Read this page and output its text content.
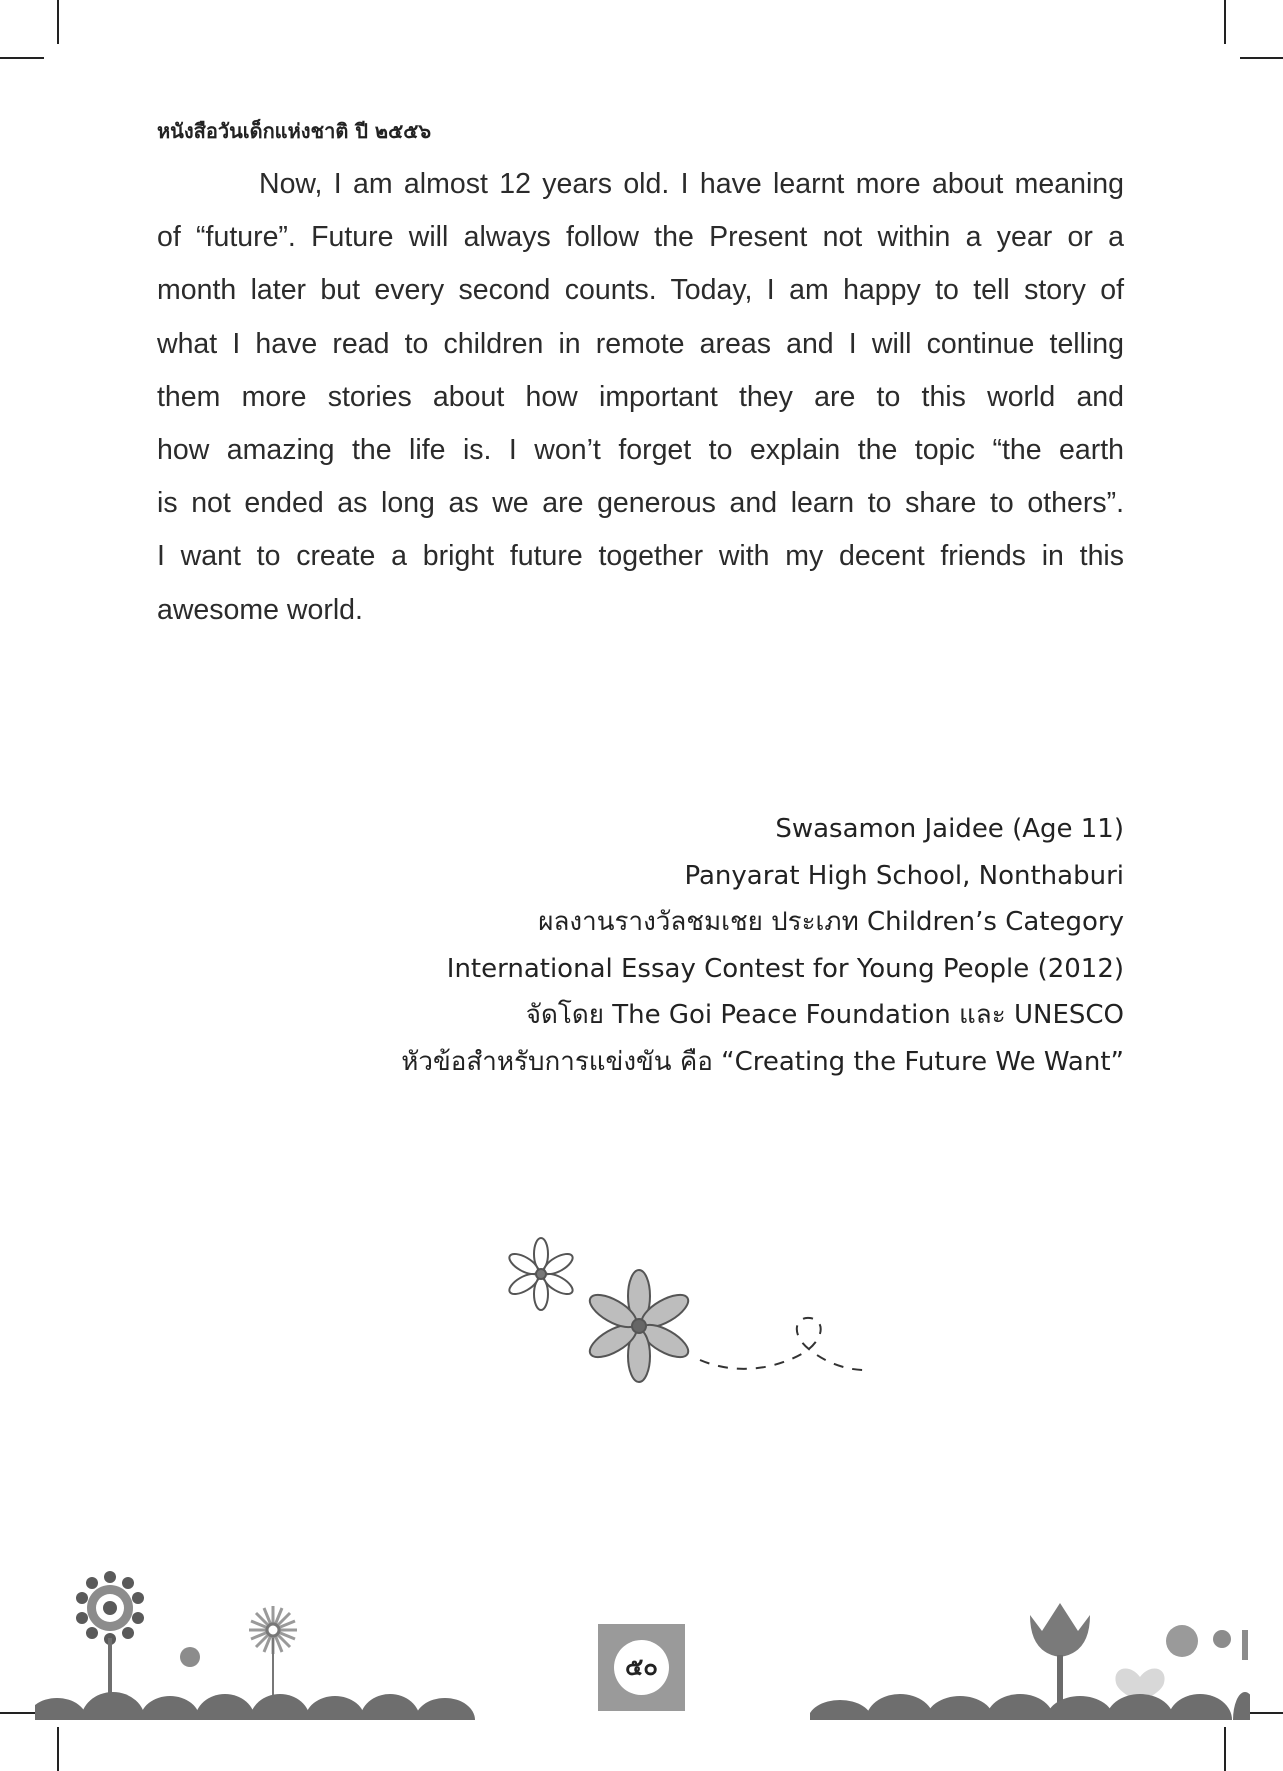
หนังสือวันเด็กแห่งชาติ ปี ๒๕๕๖

Now, I am almost 12 years old. I have learnt more about meaning
of “future”. Future will always follow the Present not within a year or a
month later but every second counts. Today, I am happy to tell story of
what I have read to children in remote areas and I will continue telling
them more stories about how important they are to this world and
how amazing the life is. I won’t forget to explain the topic “the earth
is not ended as long as we are generous and learn to share to others”.
I want to create a bright future together with my decent friends in this
awesome world.

Swasamon Jaidee (Age 11)
Panyarat High School, Nonthaburi
ผลงานรางวัลชมเชย ประเภท Children’s Category
International Essay Contest for Young People (2012)
จัดโดย The Goi Peace Foundation และ UNESCO
หัวข้อสำหรับการแข่งขัน คือ “Creating the Future We Want”
๕๐
